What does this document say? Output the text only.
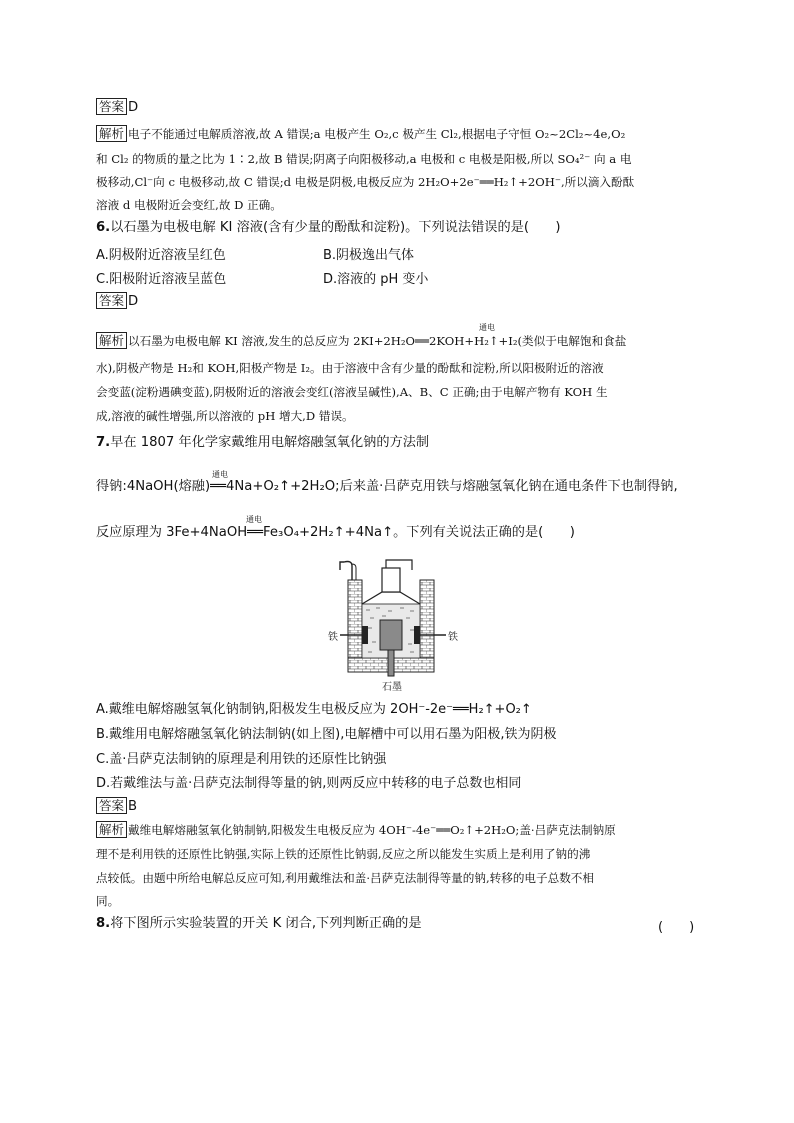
答案 D
解析 电子不能通过电解质溶液,故 A 错误;a 电极产生 O₂,c 极产生 Cl₂,根据电子守恒 O₂~2Cl₂~4e,O₂
和 Cl₂ 的物质的量之比为 1∶2,故 B 错误;阴离子向阳极移动,a 电极和 c 电极是阳极,所以 SO₄²⁻ 向 a 电
极移动,Cl⁻向 c 电极移动,故 C 错误;d 电极是阴极,电极反应为 2H₂O+2e⁻══H₂↑+2OH⁻,所以滴入酚酞
溶液 d 电极附近会变红,故 D 正确。
6.以石墨为电极电解 KI 溶液(含有少量的酚酞和淀粉)。下列说法错误的是(　　)
A.阴极附近溶液呈红色	B.阴极逸出气体
C.阳极附近溶液呈蓝色	D.溶液的 pH 变小
答案 D
通电
解析 以石墨为电极电解 KI 溶液,发生的总反应为 2KI+2H₂O══2KOH+H₂↑+I₂(类似于电解饱和食盐
水),阴极产物是 H₂和 KOH,阳极产物是 I₂。由于溶液中含有少量的酚酞和淀粉,所以阳极附近的溶液
会变蓝(淀粉遇碘变蓝),阴极附近的溶液会变红(溶液呈碱性),A、B、C 正确;由于电解产物有 KOH 生
成,溶液的碱性增强,所以溶液的 pH 增大,D 错误。
7.早在 1807 年化学家戴维用电解熔融氢氧化钠的方法制
通电
得钠:4NaOH(熔融)══4Na+O₂↑+2H₂O;后来盖·吕萨克用铁与熔融氢氧化钠在通电条件下也制得钠,
通电
反应原理为 3Fe+4NaOH══Fe₃O₄+2H₂↑+4Na↑。下列有关说法正确的是(　　)
铁	铁
石墨
A.戴维电解熔融氢氧化钠制钠,阳极发生电极反应为 2OH⁻-2e⁻══H₂↑+O₂↑
B.戴维用电解熔融氢氧化钠法制钠(如上图),电解槽中可以用石墨为阳极,铁为阴极
C.盖·吕萨克法制钠的原理是利用铁的还原性比钠强
D.若戴维法与盖·吕萨克法制得等量的钠,则两反应中转移的电子总数也相同
答案 B
解析 戴维电解熔融氢氧化钠制钠,阳极发生电极反应为 4OH⁻-4e⁻══O₂↑+2H₂O;盖·吕萨克法制钠原
理不是利用铁的还原性比钠强,实际上铁的还原性比钠弱,反应之所以能发生实质上是利用了钠的沸
点较低。由题中所给电解总反应可知,利用戴维法和盖·吕萨克法制得等量的钠,转移的电子总数不相
同。
8.将下图所示实验装置的开关 K 闭合,下列判断正确的是	(　　)
